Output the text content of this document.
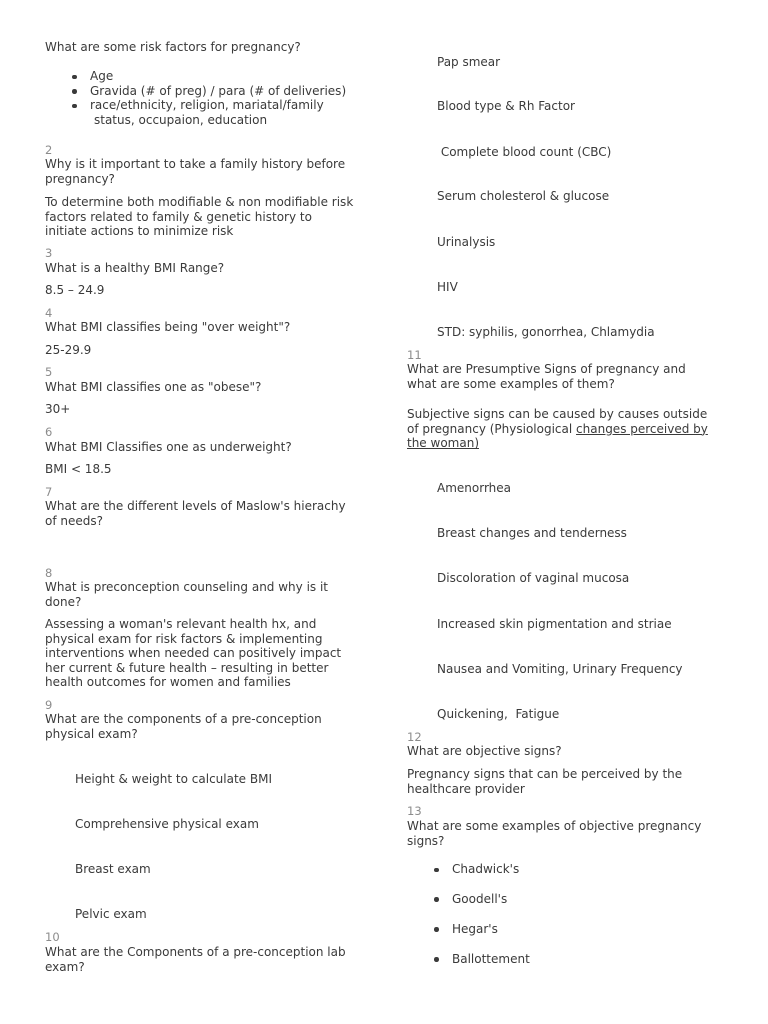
What are some risk factors for pregnancy?
Age
Gravida (# of preg) / para (# of deliveries)
race/ethnicity, religion, mariatal/family
status, occupaion, education
2
Why is it important to take a family history before
pregnancy?
To determine both modifiable & non modifiable risk
factors related to family & genetic history to
initiate actions to minimize risk
3
What is a healthy BMI Range?
8.5 – 24.9
4
What BMI classifies being "over weight"?
25-29.9
5
What BMI classifies one as "obese"?
30+
6
What BMI Classifies one as underweight?
BMI < 18.5
7
What are the different levels of Maslow's hierachy
of needs?
8
What is preconception counseling and why is it
done?
Assessing a woman's relevant health hx, and
physical exam for risk factors & implementing
interventions when needed can positively impact
her current & future health – resulting in better
health outcomes for women and families
9
What are the components of a pre-conception
physical exam?
Height & weight to calculate BMI
Comprehensive physical exam
Breast exam
Pelvic exam
10
What are the Components of a pre-conception lab
exam?
Pap smear
Blood type & Rh Factor
Complete blood count (CBC)
Serum cholesterol & glucose
Urinalysis
HIV
STD: syphilis, gonorrhea, Chlamydia
11
What are Presumptive Signs of pregnancy and
what are some examples of them?
Subjective signs can be caused by causes outside
of pregnancy (Physiological changes perceived by
the woman)
Amenorrhea
Breast changes and tenderness
Discoloration of vaginal mucosa
Increased skin pigmentation and striae
Nausea and Vomiting, Urinary Frequency
Quickening,  Fatigue
12
What are objective signs?
Pregnancy signs that can be perceived by the
healthcare provider
13
What are some examples of objective pregnancy
signs?
Chadwick's
Goodell's
Hegar's
Ballottement
